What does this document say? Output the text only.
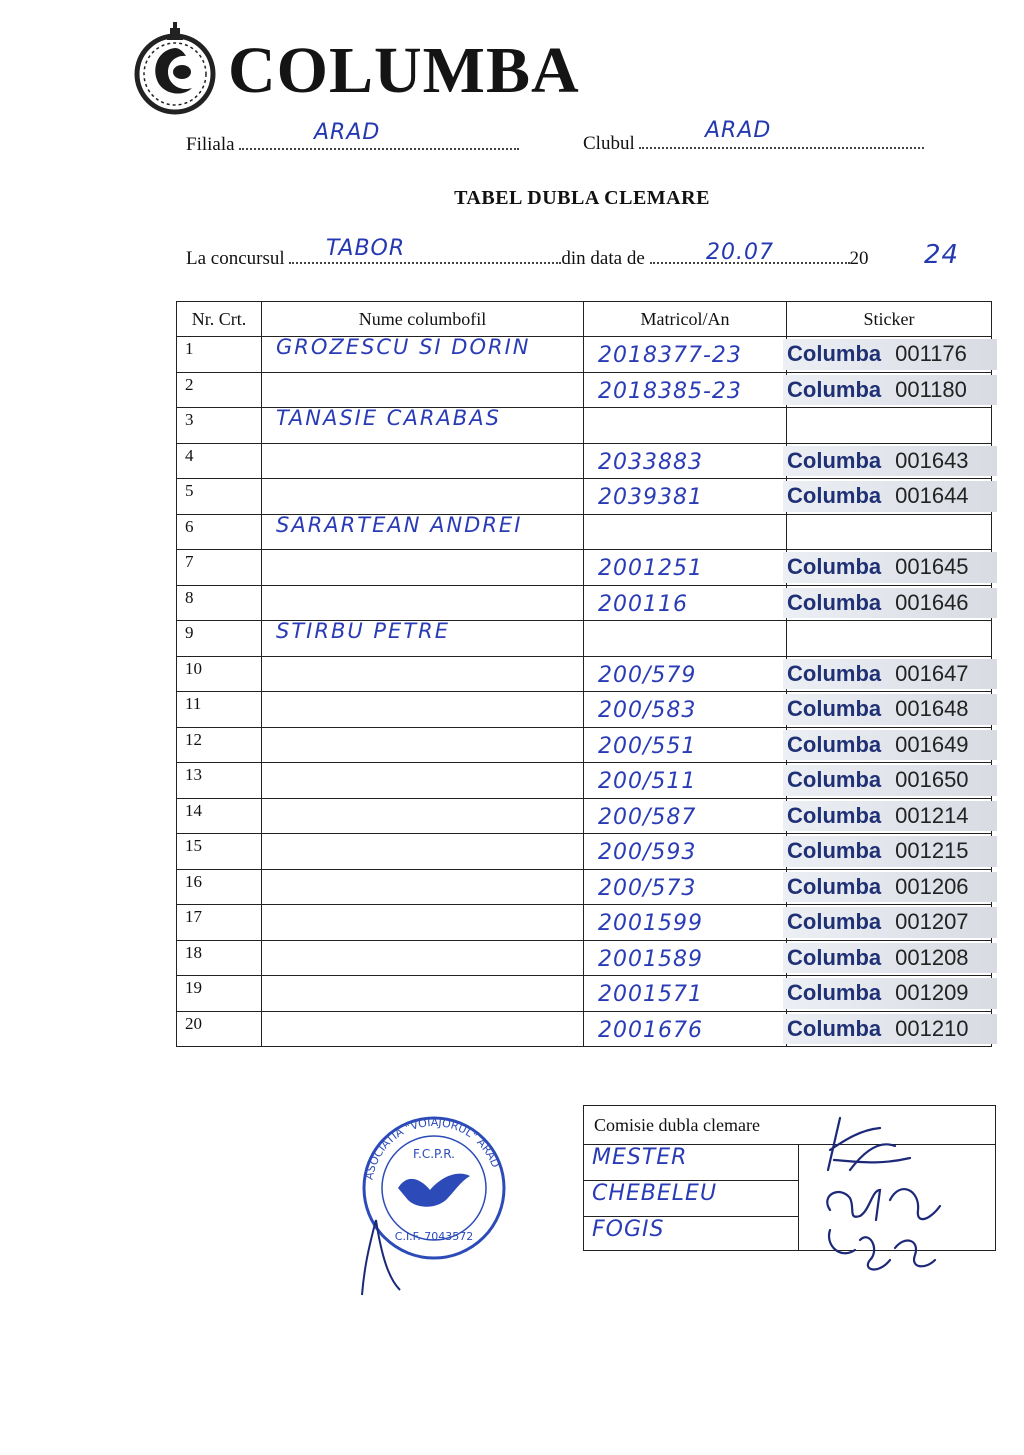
COLUMBA
Filiala	ARAD	Clubul
ARAD
TABEL DUBLA CLEMARE
La concursul	din data de	20
TABOR	20.07	24
Nr. Crt.	Nume columbofil	Matricol/An	Sticker

1	GROZESCU SI DORIN	2018377-23	Columba 001176

2		2018385-23	Columba 001180

3	TANASIE CARABAS		

4		2033883	Columba 001643

5		2039381	Columba 001644

6	SARARTEAN ANDREI		

7		2001251	Columba 001645

8		200116	Columba 001646

9	STIRBU PETRE		

10		200/579	Columba 001647

11		200/583	Columba 001648

12		200/551	Columba 001649

13		200/511	Columba 001650

14		200/587	Columba 001214

15		200/593	Columba 001215

16		200/573	Columba 001206

17		2001599	Columba 001207

18		2001589	Columba 001208

19		2001571	Columba 001209

20		2001676	Columba 001210
ASOCIATIA "VOIAJORUL" ARAD
F.C.P.R.
C.I.F. 7043572
Comisie dubla clemare	

MESTER	

CHEBELEU	

FOGIS	
